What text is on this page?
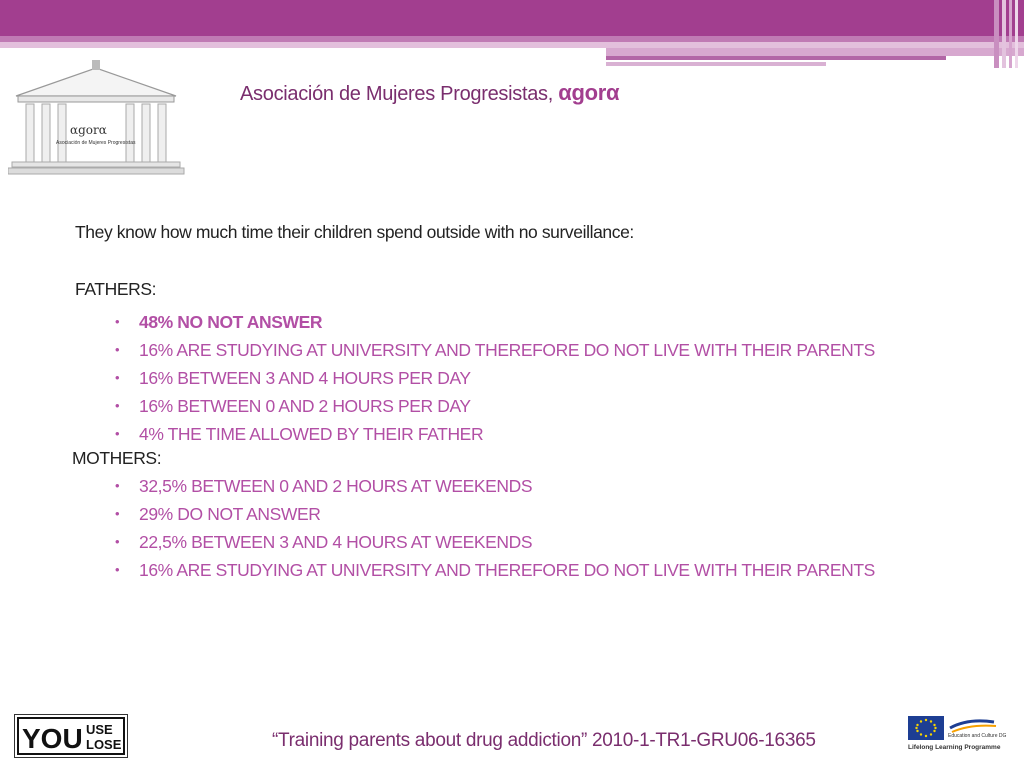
αgorα
Asociación de Mujeres Progresistas
Asociación de Mujeres Progresistas, αgorα

They know how much time their children spend outside with no surveillance:

FATHERS:

• 48% NO NOT ANSWER
• 16% ARE STUDYING AT UNIVERSITY AND THEREFORE DO NOT LIVE WITH THEIR PARENTS
• 16% BETWEEN 3 AND 4 HOURS PER DAY
• 16% BETWEEN 0 AND 2 HOURS PER DAY
• 4% THE TIME ALLOWED BY THEIR FATHER

MOTHERS:

• 32,5% BETWEEN 0 AND 2 HOURS AT WEEKENDS
• 29% DO NOT ANSWER
• 22,5% BETWEEN 3 AND 4 HOURS AT WEEKENDS
• 16% ARE STUDYING AT UNIVERSITY AND THEREFORE DO NOT LIVE WITH THEIR PARENTS
YOU USE
LOSE	“Training parents about drug addiction” 2010-1-TR1-GRU06-16365	Education and Culture DG
Lifelong Learning Programme
